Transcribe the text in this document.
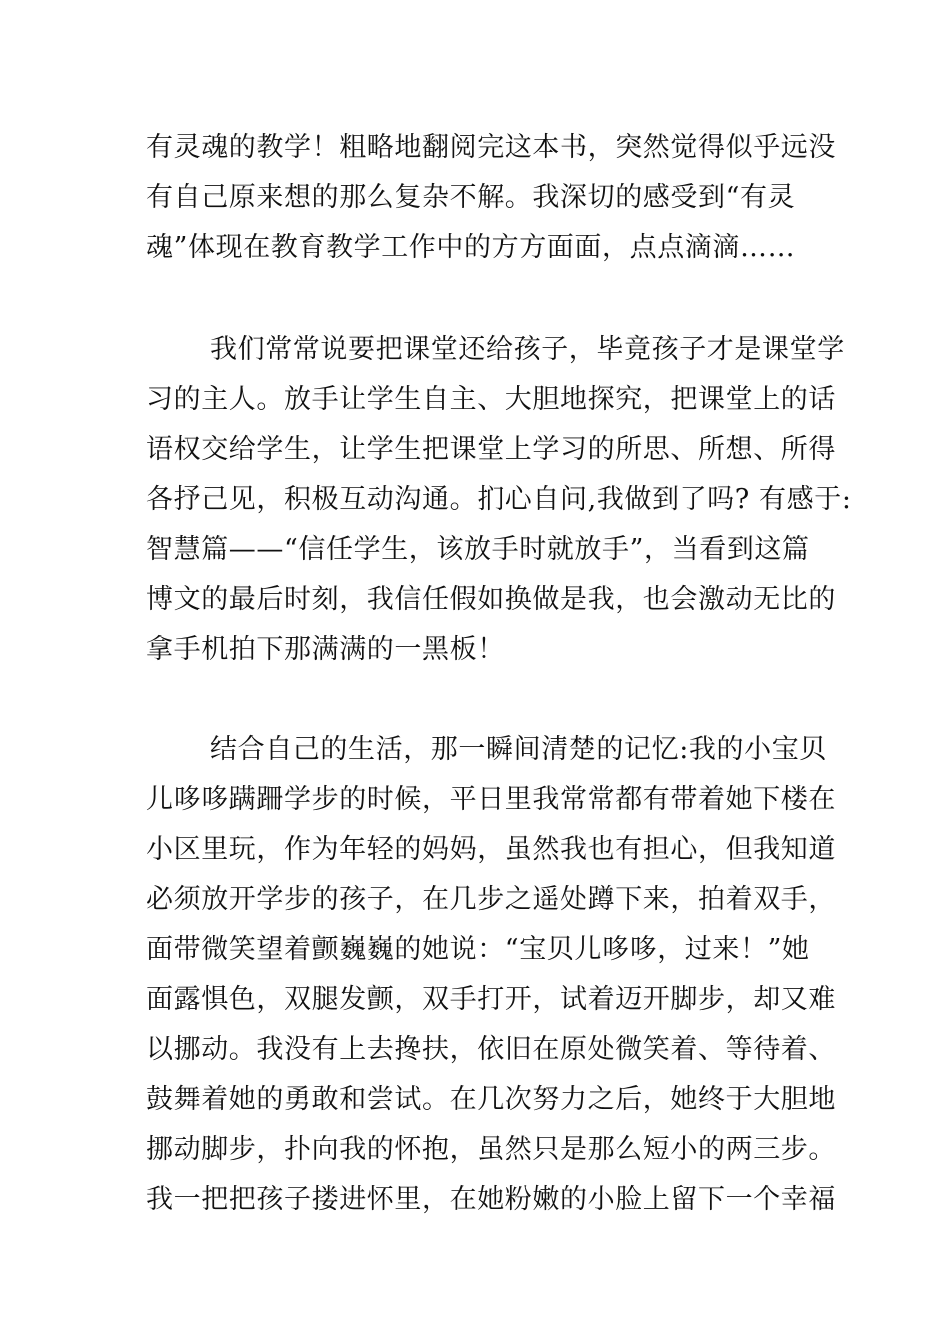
有灵魂的教学！粗略地翻阅完这本书，突然觉得似乎远没
有自己原来想的那么复杂不解。我深切的感受到“有灵
魂”体现在教育教学工作中的方方面面，点点滴滴……
我们常常说要把课堂还给孩子，毕竟孩子才是课堂学
习的主人。放手让学生自主、大胆地探究，把课堂上的话
语权交给学生，让学生把课堂上学习的所思、所想、所得
各抒己见，积极互动沟通。扪心自问,我做到了吗? 有感于:
智慧篇——“信任学生，该放手时就放手”，当看到这篇
博文的最后时刻，我信任假如换做是我，也会激动无比的
拿手机拍下那满满的一黑板！
结合自己的生活，那一瞬间清楚的记忆:我的小宝贝
儿哆哆蹒跚学步的时候，平日里我常常都有带着她下楼在
小区里玩，作为年轻的妈妈，虽然我也有担心，但我知道
必须放开学步的孩子，在几步之遥处蹲下来，拍着双手，
面带微笑望着颤巍巍的她说：“宝贝儿哆哆，过来！”她
面露惧色，双腿发颤，双手打开，试着迈开脚步，却又难
以挪动。我没有上去搀扶，依旧在原处微笑着、等待着、
鼓舞着她的勇敢和尝试。在几次努力之后，她终于大胆地
挪动脚步，扑向我的怀抱，虽然只是那么短小的两三步。
我一把把孩子搂进怀里，在她粉嫩的小脸上留下一个幸福
